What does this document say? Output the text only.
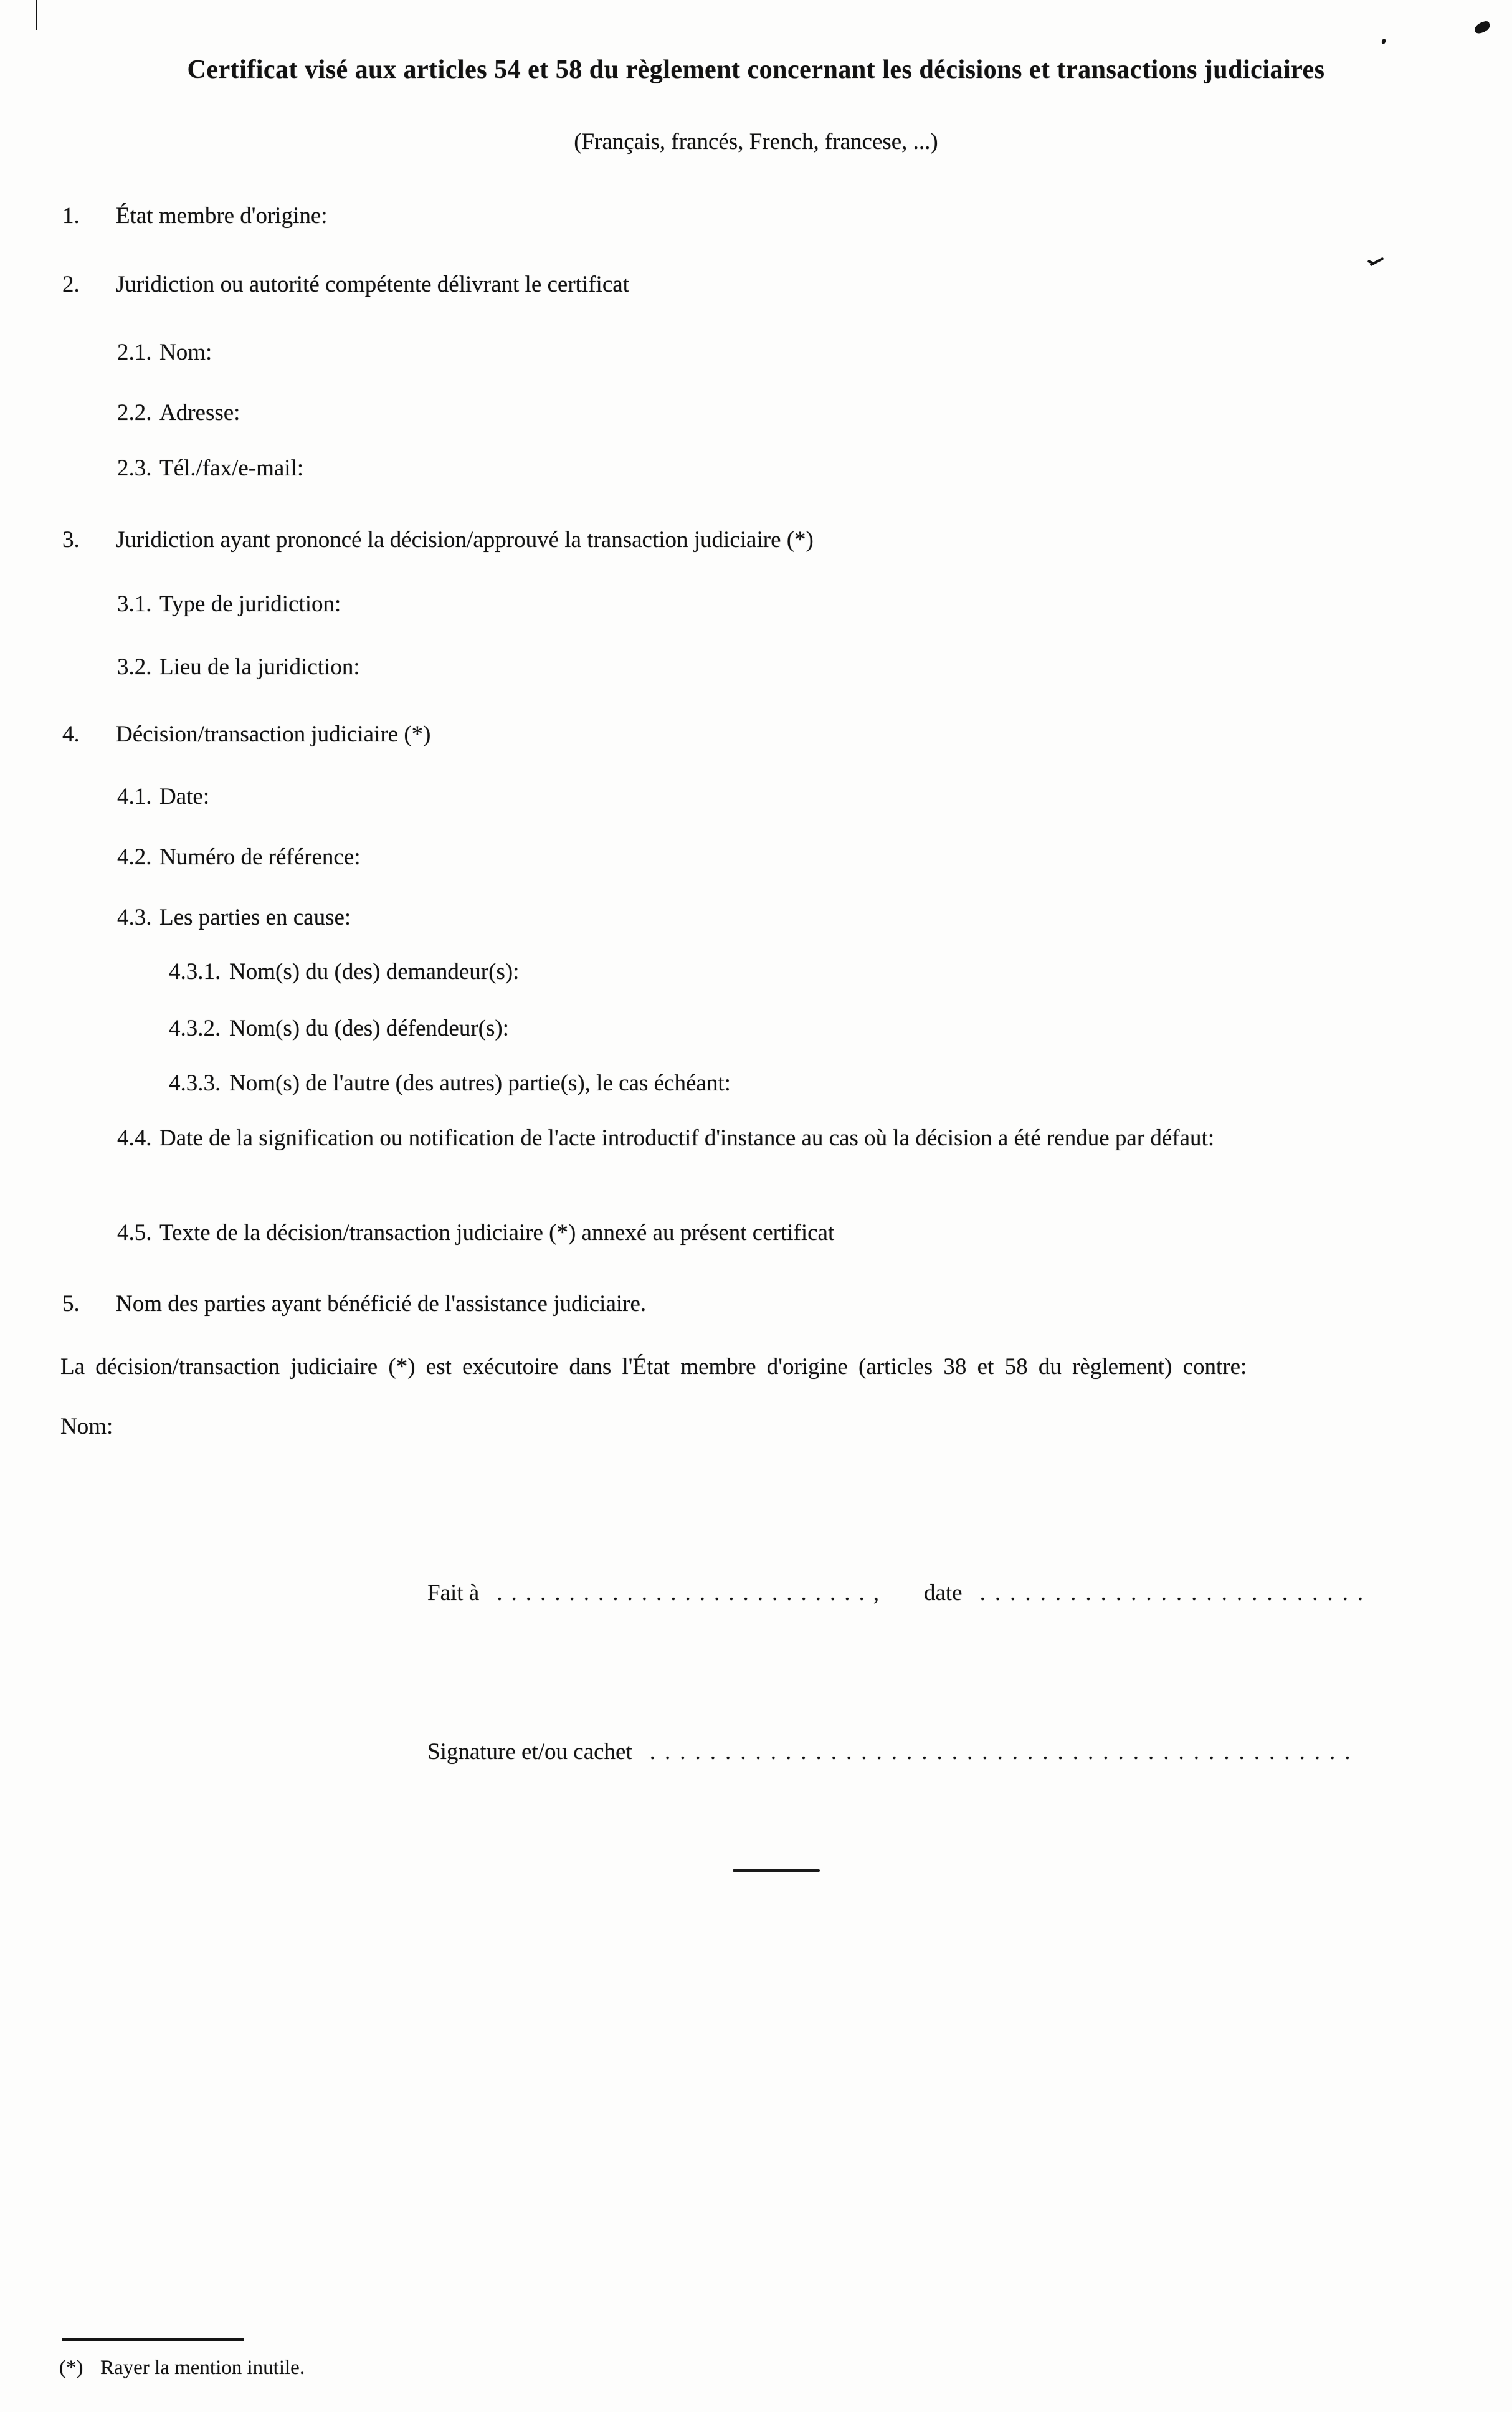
Certificat visé aux articles 54 et 58 du règlement concernant les décisions et transactions judiciaires
(Français, francés, French, francese, ...)
1. État membre d'origine:
2. Juridiction ou autorité compétente délivrant le certificat
2.1. Nom:
2.2. Adresse:
2.3. Tél./fax/e-mail:
3. Juridiction ayant prononcé la décision/approuvé la transaction judiciaire (*)
3.1. Type de juridiction:
3.2. Lieu de la juridiction:
4. Décision/transaction judiciaire (*)
4.1. Date:
4.2. Numéro de référence:
4.3. Les parties en cause:
4.3.1. Nom(s) du (des) demandeur(s):
4.3.2. Nom(s) du (des) défendeur(s):
4.3.3. Nom(s) de l'autre (des autres) partie(s), le cas échéant:
4.4. Date de la signification ou notification de l'acte introductif d'instance au cas où la décision a été rendue par défaut:
4.5. Texte de la décision/transaction judiciaire (*) annexé au présent certificat
5. Nom des parties ayant bénéficié de l'assistance judiciaire.
La décision/transaction judiciaire (*) est exécutoire dans l'État membre d'origine (articles 38 et 58 du règlement) contre:
Nom:
Fait à .........................., date ..........................
Signature et/ou cachet ...............................................
(*) Rayer la mention inutile.
